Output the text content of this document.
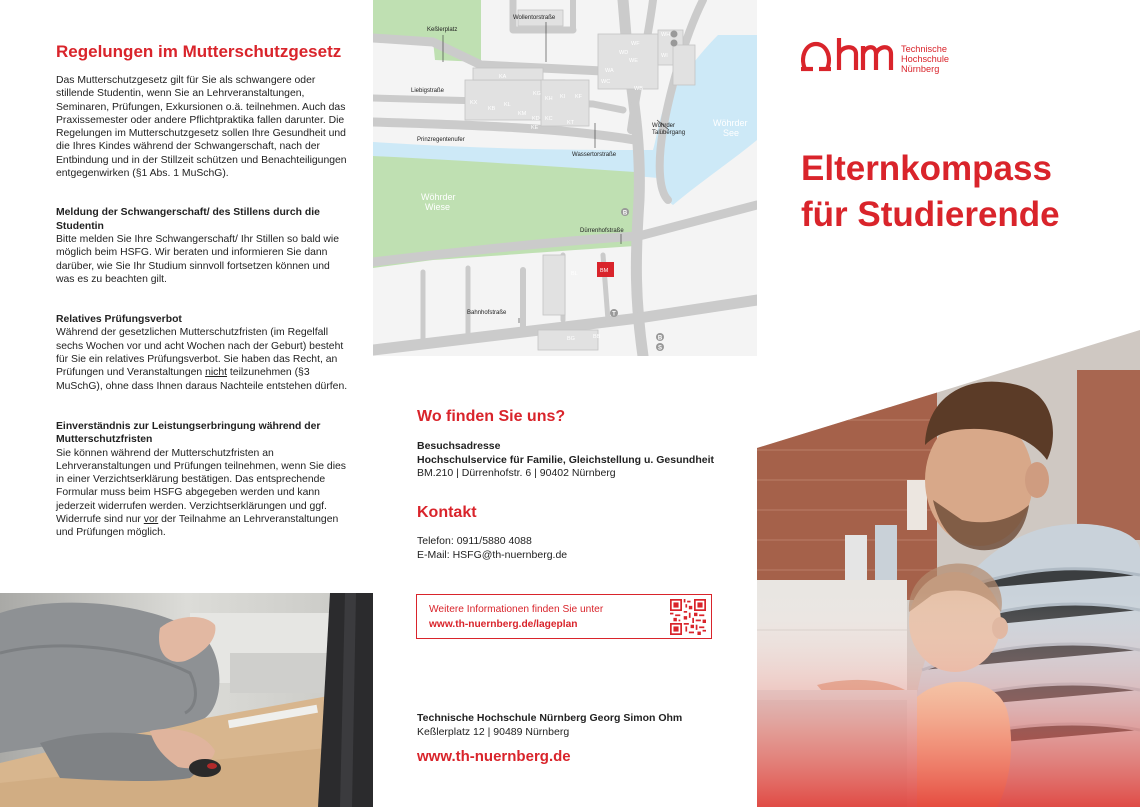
Regelungen im Mutterschutzgesetz

Das Mutterschutzgesetz gilt für Sie als schwangere oder stillende Studentin, wenn Sie an Lehrveranstaltungen, Seminaren, Prüfungen, Exkursionen o.ä. teilnehmen. Auch das Praxissemester oder andere Pflichtpraktika fallen darunter. Die Regelungen im Mutterschutzgesetz sollen Ihre Gesundheit und die Ihres Kindes während der Schwangerschaft, nach der Entbindung und in der Stillzeit schützen und Benachteiligungen entgegenwirken (§1 Abs. 1 MuSchG).

Meldung der Schwangerschaft/ des Stillens durch die Studentin

Bitte melden Sie Ihre Schwangerschaft/ Ihr Stillen so bald wie möglich beim HSFG. Wir beraten und informieren Sie dann darüber, wie Sie Ihr Studium sinnvoll fortsetzen können und was es zu beachten gilt.

Relatives Prüfungsverbot

Während der gesetzlichen Mutterschutzfristen (im Regelfall sechs Wochen vor und acht Wochen nach der Geburt) besteht für Sie ein relatives Prüfungsverbot. Sie haben das Recht, an Prüfungen und Veranstaltungen nicht teilzunehmen (§3 MuSchG), ohne dass Ihnen daraus Nachteile entstehen dürfen.

Einverständnis zur Leistungserbringung während der Mutterschutzfristen

Sie können während der Mutterschutzfristen an Lehrveranstaltungen und Prüfungen teilnehmen, wenn Sie dies in einer Verzichtserklärung bestätigen. Das entsprechende Formular muss beim HSFG abgegeben werden und kann jederzeit widerrufen werden. Verzichtserklärungen und ggf. Widerrufe sind nur vor der Teilnahme an Lehrveranstaltungen und Prüfungen möglich.

Wollentorstraße
Keßlerplatz
Liebigstraße
Prinzregentenufer
Wassertorstraße
Wöhrder
Talübergang
Dürrenhofstraße
Bahnhofstraße
Wöhrder
See
Wöhrder
Wiese
KA
KX
KB
KL
KM
KH KI
KD KC
KT
KF
KG
KE
WD
WA
WB
WE
WF
WC
WH
WI
BM
BL
BG	BB
B
T
B
S
Wo finden Sie uns?
Besuchsadresse
Hochschulservice für Familie, Gleichstellung u. Gesundheit
BM.210 | Dürrenhofstr. 6 | 90402 Nürnberg
Kontakt
Telefon: 0911/5880 4088
E-Mail: HSFG@th-nuernberg.de
Weitere Informationen finden Sie unter
www.th-nuernberg.de/lageplan
Technische Hochschule Nürnberg Georg Simon Ohm
Keßlerplatz 12 | 90489 Nürnberg
www.th-nuernberg.de
ohm
Technische
Hochschule
Nürnberg
Elternkompass
für Studierende
